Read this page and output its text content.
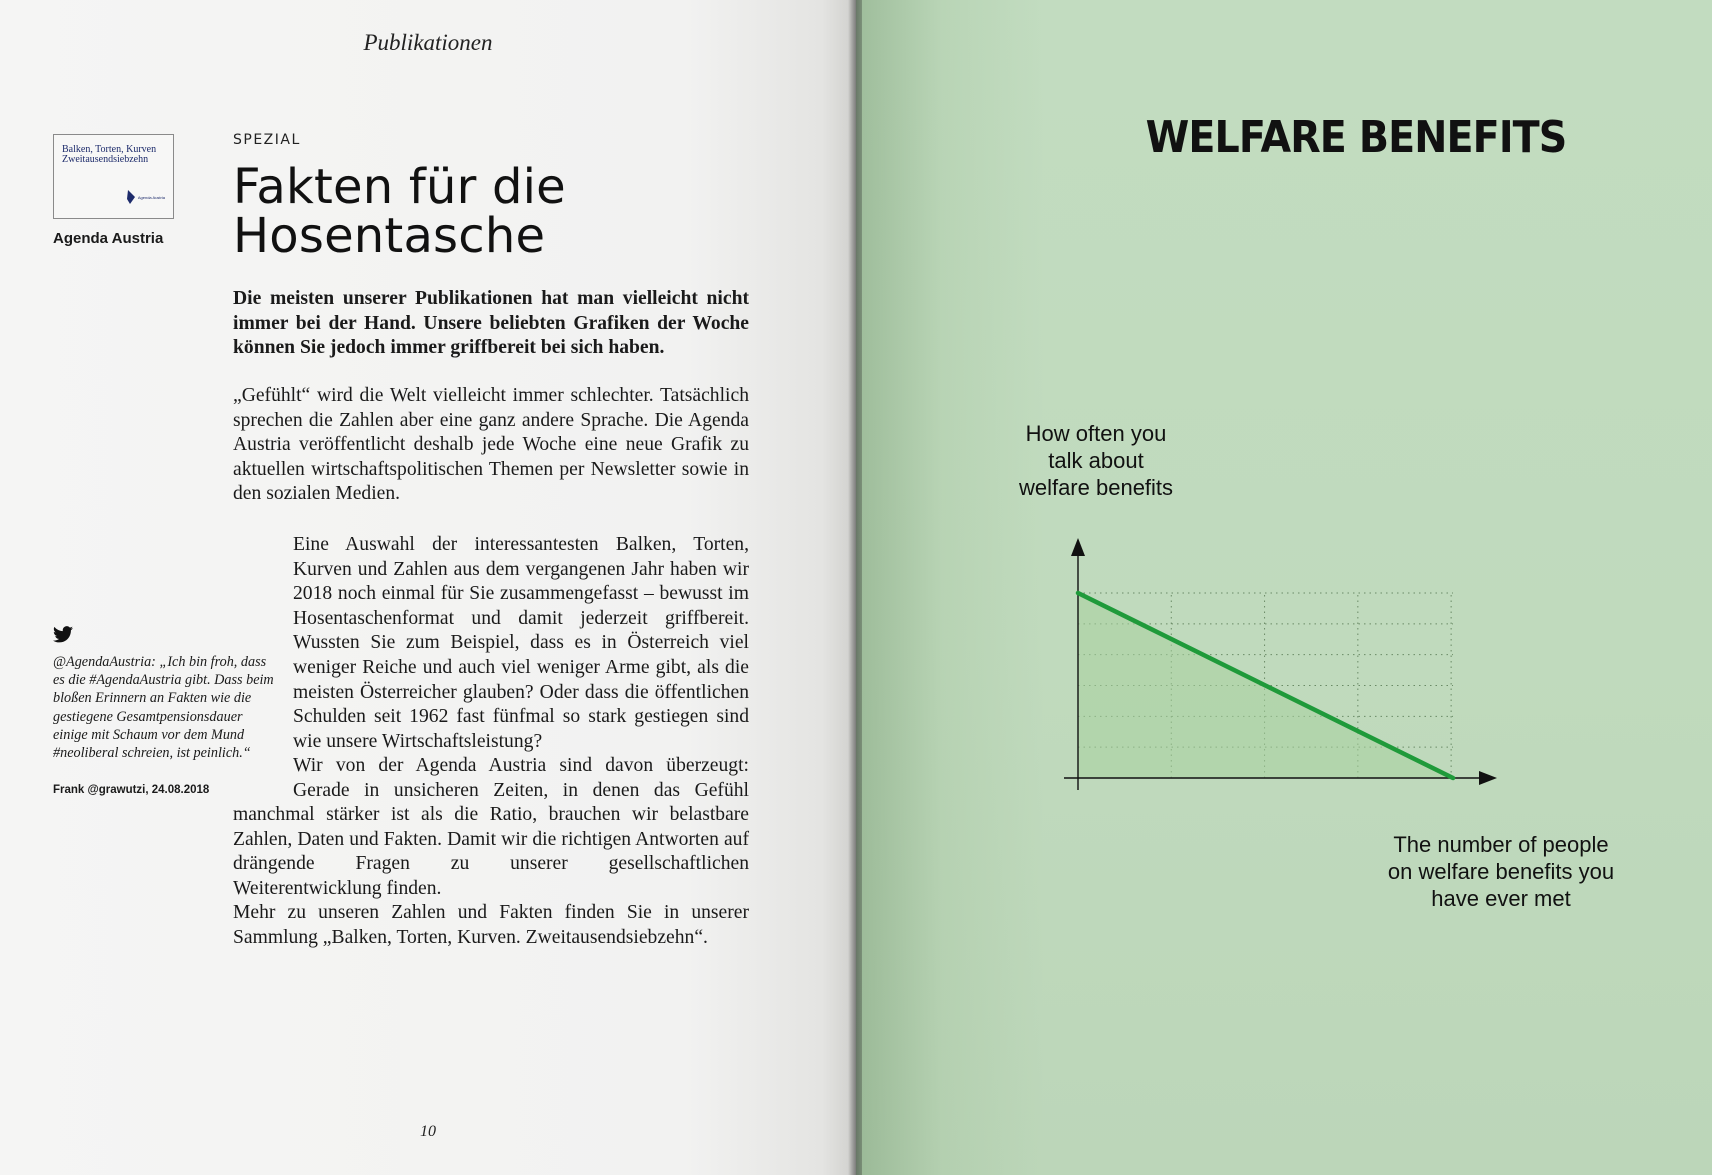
Publikationen
Balken, Torten, Kurven
Zweitausendsiebzehn
Agenda Austria
Agenda Austria
SPEZIAL
Fakten für die
Hosentasche

Die meisten unserer Publikationen hat man vielleicht nicht immer bei der Hand. Unsere beliebten Grafiken der Woche können Sie jedoch immer griffbereit bei sich haben.

„Gefühlt“ wird die Welt vielleicht immer schlechter. Tatsächlich sprechen die Zahlen aber eine ganz andere Sprache. Die Agenda Austria veröffentlicht deshalb jede Woche eine neue Grafik zu aktuellen wirtschaftspolitischen Themen per Newsletter sowie in den sozialen Medien.

Eine Auswahl der interessantesten Balken, Torten, Kurven und Zahlen aus dem vergangenen Jahr haben wir 2018 noch einmal für Sie zusammengefasst – bewusst im Hosentaschenformat und damit jederzeit griffbereit. Wussten Sie zum Beispiel, dass es in Österreich viel weniger Reiche und auch viel weniger Arme gibt, als die meisten Österreicher glauben? Oder dass die öffentlichen Schulden seit 1962 fast fünfmal so stark gestiegen sind wie unsere Wirtschaftsleistung?
Wir von der Agenda Austria sind davon überzeugt: Gerade in unsicheren Zeiten, in denen das Gefühl manchmal stärker ist als die Ratio, brauchen wir belastbare Zahlen, Daten und Fakten. Damit wir die richtigen Antworten auf drängende Fragen zu unserer gesellschaftlichen Weiterentwicklung finden.

Mehr zu unseren Zahlen und Fakten finden Sie in unserer Sammlung „Balken, Torten, Kurven. Zweitausendsiebzehn“.

@AgendaAustria: „Ich bin froh, dass es die #AgendaAustria gibt. Dass beim bloßen Erinnern an Fakten wie die gestiegene Gesamtpensionsdauer einige mit Schaum vor dem Mund #neoliberal schreien, ist peinlich.“
Frank @grawutzi, 24.08.2018
10
WELFARE BENEFITS
How often you
talk about
welfare benefits
The number of people
on welfare benefits you
have ever met
